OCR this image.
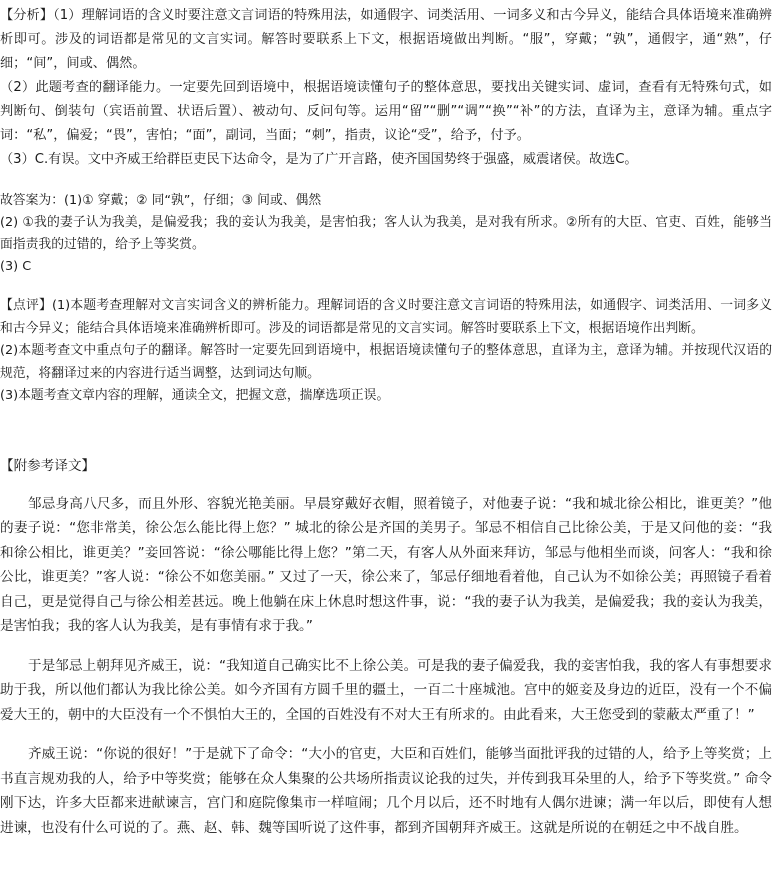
【分析】（1）理解词语的含义时要注意文言词语的特殊用法，如通假字、词类活用、一词多义和古今异义，能结合具体语境来准确辨析即可。涉及的词语都是常见的文言实词。解答时要联系上下文，根据语境做出判断。“服”，穿戴；“孰”，通假字，通“熟”，仔细；“间”，间或、偶然。
（2）此题考查的翻译能力。一定要先回到语境中，根据语境读懂句子的整体意思，要找出关键实词、虚词，查看有无特殊句式，如判断句、倒装句（宾语前置、状语后置）、被动句、反问句等。运用“留”“删”“调”“换”“补”的方法，直译为主，意译为辅。重点字词：“私”，偏爱；“畏”，害怕；“面”，副词，当面；“刺”，指责，议论“受”，给予，付予。
（3）C.有误。文中齐威王给群臣吏民下达命令，是为了广开言路，使齐国国势终于强盛，威震诸侯。故选C。
故答案为：(1)① 穿戴；② 同“孰”，仔细；③ 间或、偶然
(2) ①我的妻子认为我美，是偏爱我；我的妾认为我美，是害怕我；客人认为我美，是对我有所求。②所有的大臣、官吏、百姓，能够当面指责我的过错的，给予上等奖赏。
(3) C
【点评】(1)本题考查理解对文言实词含义的辨析能力。理解词语的含义时要注意文言词语的特殊用法，如通假字、词类活用、一词多义和古今异义；能结合具体语境来准确辨析即可。涉及的词语都是常见的文言实词。解答时要联系上下文，根据语境作出判断。
(2)本题考查文中重点句子的翻译。解答时一定要先回到语境中，根据语境读懂句子的整体意思，直译为主，意译为辅。并按现代汉语的规范，将翻译过来的内容进行适当调整，达到词达句顺。
(3)本题考查文章内容的理解，通读全文，把握文意，揣摩选项正误。
【附参考译文】
邹忌身高八尺多，而且外形、容貌光艳美丽。早晨穿戴好衣帽，照着镜子，对他妻子说：“我和城北徐公相比，谁更美？”他的妻子说：“您非常美，徐公怎么能比得上您？” 城北的徐公是齐国的美男子。邹忌不相信自己比徐公美，于是又问他的妾：“我和徐公相比，谁更美？”妾回答说：“徐公哪能比得上您？”第二天，有客人从外面来拜访，邹忌与他相坐而谈，问客人：“我和徐公比，谁更美？”客人说：“徐公不如您美丽。” 又过了一天，徐公来了，邹忌仔细地看着他，自己认为不如徐公美；再照镜子看着自己，更是觉得自己与徐公相差甚远。晚上他躺在床上休息时想这件事，说：“我的妻子认为我美，是偏爱我；我的妾认为我美，是害怕我；我的客人认为我美，是有事情有求于我。”
于是邹忌上朝拜见齐威王，说：“我知道自己确实比不上徐公美。可是我的妻子偏爱我，我的妾害怕我，我的客人有事想要求助于我，所以他们都认为我比徐公美。如今齐国有方圆千里的疆土，一百二十座城池。宫中的姬妾及身边的近臣，没有一个不偏爱大王的，朝中的大臣没有一个不惧怕大王的，全国的百姓没有不对大王有所求的。由此看来，大王您受到的蒙蔽太严重了！”
齐威王说：“你说的很好！”于是就下了命令：“大小的官吏，大臣和百姓们，能够当面批评我的过错的人，给予上等奖赏；上书直言规劝我的人，给予中等奖赏；能够在众人集聚的公共场所指责议论我的过失，并传到我耳朵里的人，给予下等奖赏。” 命令刚下达，许多大臣都来进献谏言，宫门和庭院像集市一样喧闹；几个月以后，还不时地有人偶尔进谏；满一年以后，即使有人想进谏，也没有什么可说的了。燕、赵、韩、魏等国听说了这件事，都到齐国朝拜齐威王。这就是所说的在朝廷之中不战自胜。
